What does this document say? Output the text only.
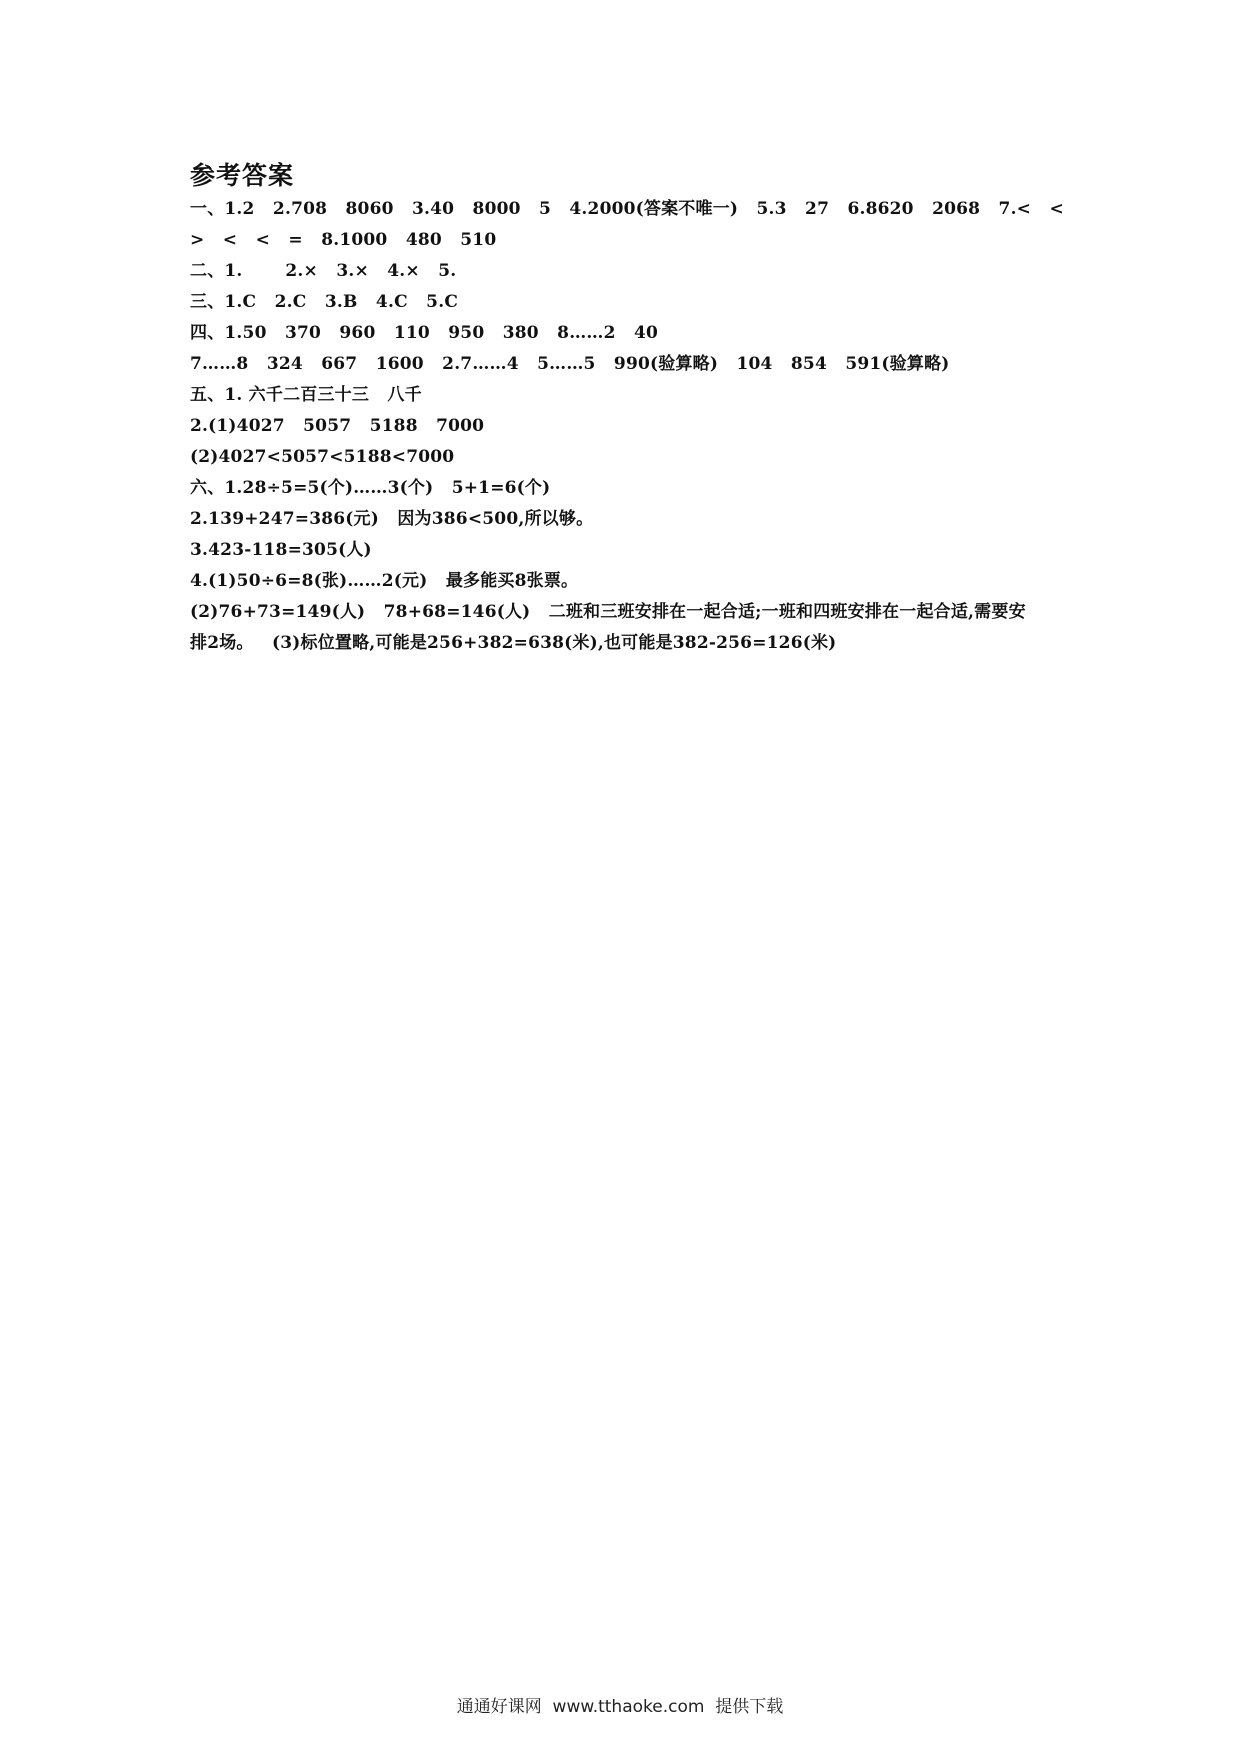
参考答案
一、1.2   2.708   8060   3.40   8000   5   4.2000(答案不唯一)   5.3   27   6.8620   2068   7.<   <
>   <   <   =   8.1000   480   510
二、1.       2.×   3.×   4.×   5.
三、1.C   2.C   3.B   4.C   5.C
四、1.50   370   960   110   950   380   8……2   40
7……8   324   667   1600   2.7……4   5……5   990(验算略)   104   854   591(验算略)
五、1. 六千二百三十三   八千
2.(1)4027   5057   5188   7000
(2)4027<5057<5188<7000
六、1.28÷5=5(个)……3(个)   5+1=6(个)
2.139+247=386(元)   因为386<500,所以够。
3.423-118=305(人)
4.(1)50÷6=8(张)……2(元)   最多能买8张票。
(2)76+73=149(人)   78+68=146(人)   二班和三班安排在一起合适;一班和四班安排在一起合适,需要安
排2场。   (3)标位置略,可能是256+382=638(米),也可能是382-256=126(米)
通通好课网  www.tthaoke.com  提供下载
